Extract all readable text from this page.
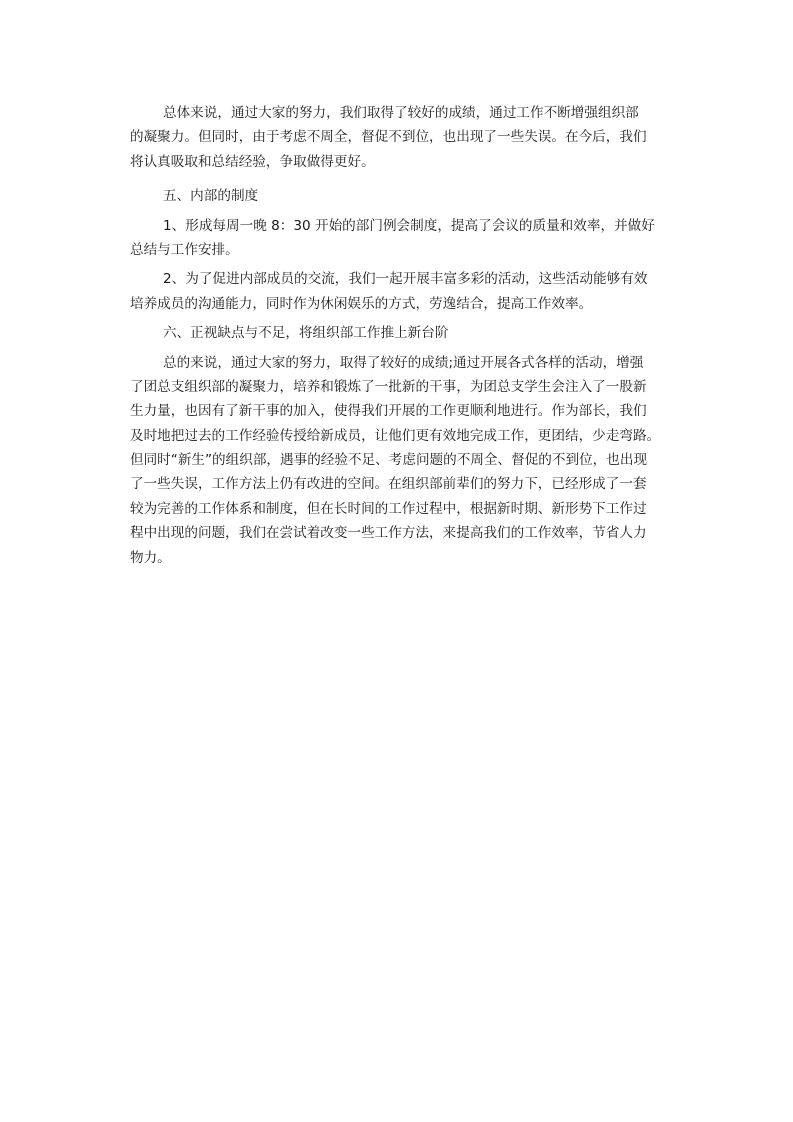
总体来说，通过大家的努力，我们取得了较好的成绩，通过工作不断增强组织部
的凝聚力。但同时，由于考虑不周全，督促不到位，也出现了一些失误。在今后，我们
将认真吸取和总结经验，争取做得更好。
五、内部的制度
1、形成每周一晚 8：30 开始的部门例会制度，提高了会议的质量和效率，并做好
总结与工作安排。
2、为了促进内部成员的交流，我们一起开展丰富多彩的活动，这些活动能够有效
培养成员的沟通能力，同时作为休闲娱乐的方式，劳逸结合，提高工作效率。
六、正视缺点与不足，将组织部工作推上新台阶
总的来说，通过大家的努力，取得了较好的成绩;通过开展各式各样的活动，增强
了团总支组织部的凝聚力，培养和锻炼了一批新的干事，为团总支学生会注入了一股新
生力量，也因有了新干事的加入，使得我们开展的工作更顺利地进行。作为部长，我们
及时地把过去的工作经验传授给新成员，让他们更有效地完成工作，更团结，少走弯路。
但同时“新生”的组织部，遇事的经验不足、考虑问题的不周全、督促的不到位，也出现
了一些失误，工作方法上仍有改进的空间。在组织部前辈们的努力下，已经形成了一套
较为完善的工作体系和制度，但在长时间的工作过程中，根据新时期、新形势下工作过
程中出现的问题，我们在尝试着改变一些工作方法，来提高我们的工作效率，节省人力
物力。
